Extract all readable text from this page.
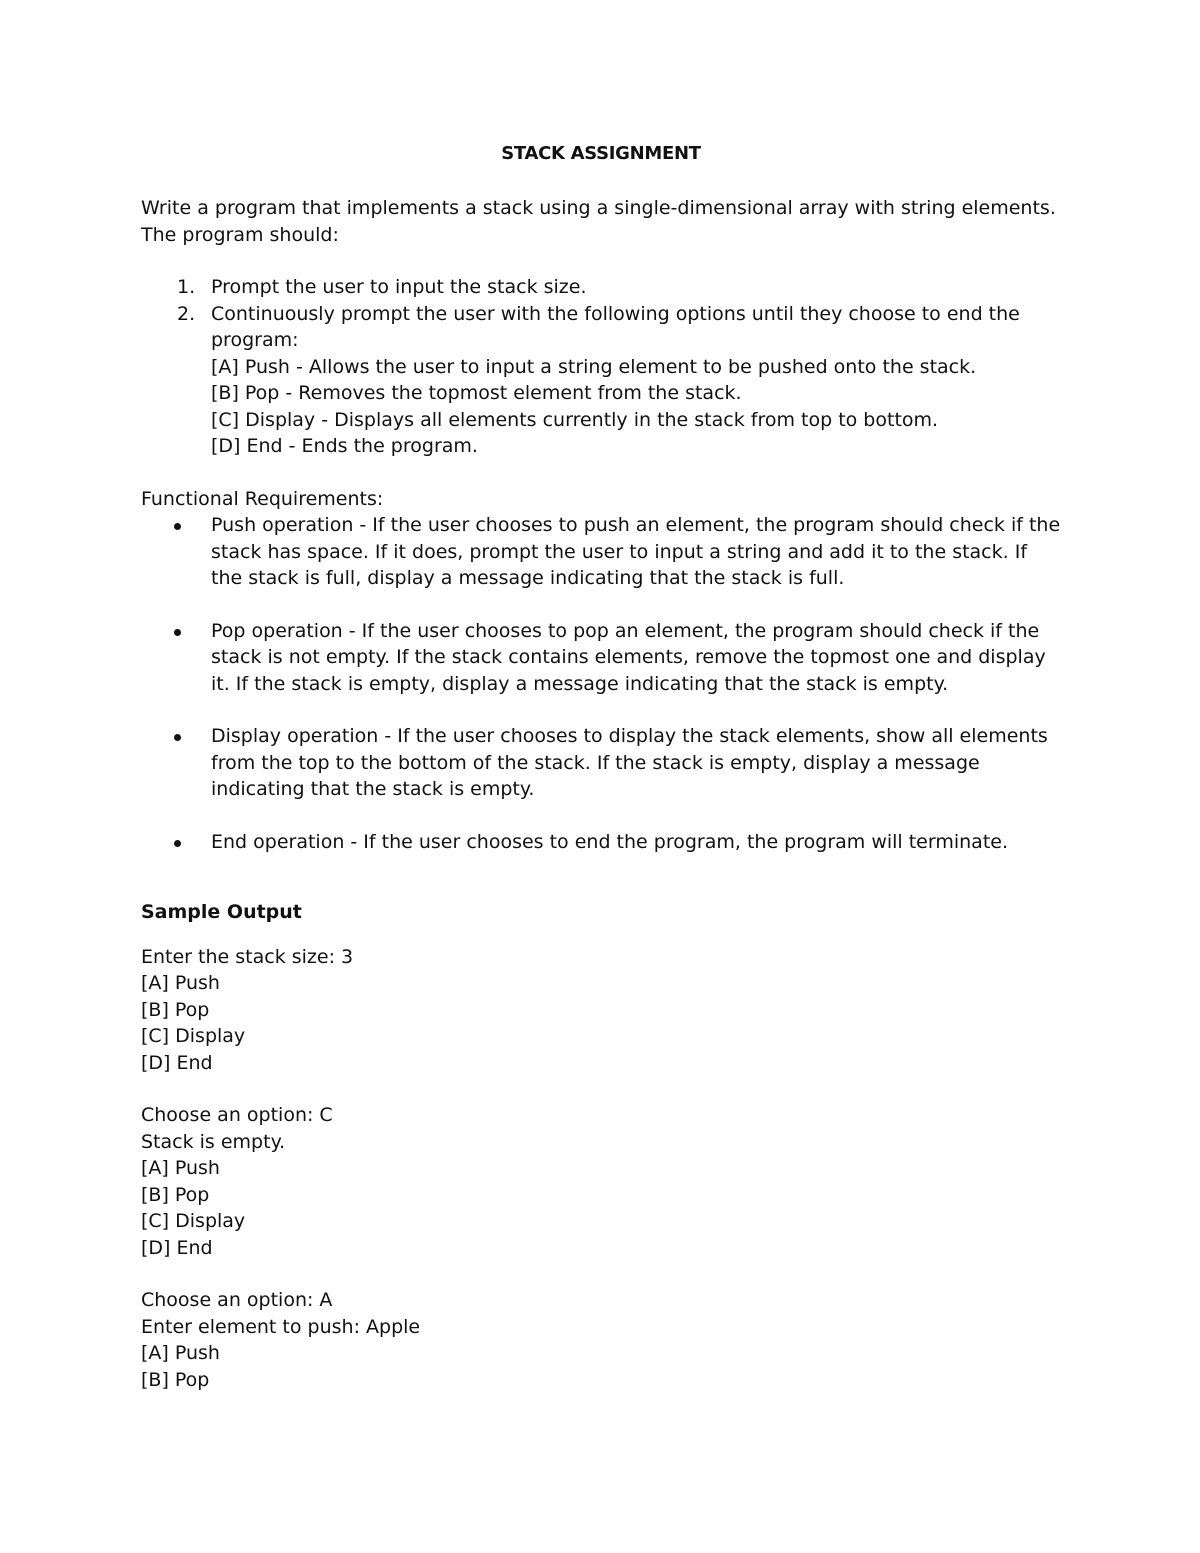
STACK ASSIGNMENT

Write a program that implements a stack using a single-dimensional array with string elements. The program should:

1. Prompt the user to input the stack size.
2. Continuously prompt the user with the following options until they choose to end the program:
[A] Push - Allows the user to input a string element to be pushed onto the stack.
[B] Pop - Removes the topmost element from the stack.
[C] Display - Displays all elements currently in the stack from top to bottom.
[D] End - Ends the program.

Functional Requirements:

Push operation - If the user chooses to push an element, the program should check if the stack has space. If it does, prompt the user to input a string and add it to the stack. If the stack is full, display a message indicating that the stack is full.
Pop operation - If the user chooses to pop an element, the program should check if the stack is not empty. If the stack contains elements, remove the topmost one and display it. If the stack is empty, display a message indicating that the stack is empty.
Display operation - If the user chooses to display the stack elements, show all elements from the top to the bottom of the stack. If the stack is empty, display a message indicating that the stack is empty.
End operation - If the user chooses to end the program, the program will terminate.

Sample Output

Enter the stack size: 3
[A] Push
[B] Pop
[C] Display
[D] End
Choose an option: C
Stack is empty.
[A] Push
[B] Pop
[C] Display
[D] End
Choose an option: A
Enter element to push: Apple
[A] Push
[B] Pop
